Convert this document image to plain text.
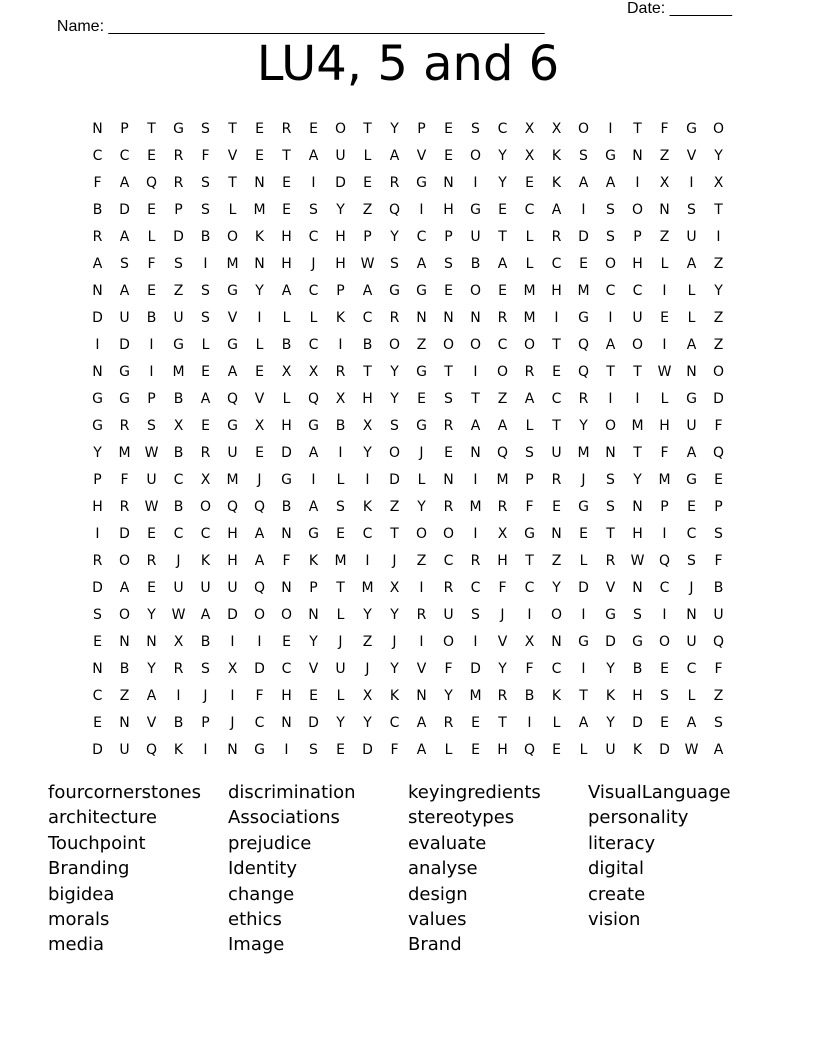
Name: _________________________________________________

Date: _______

LU4, 5 and 6
N	P	T	G	S	T	E	R	E	O	T	Y	P	E	S	C	X	X	O	I	T	F	G	O
C	C	E	R	F	V	E	T	A	U	L	A	V	E	O	Y	X	K	S	G	N	Z	V	Y
F	A	Q	R	S	T	N	E	I	D	E	R	G	N	I	Y	E	K	A	A	I	X	I	X
B	D	E	P	S	L	M	E	S	Y	Z	Q	I	H	G	E	C	A	I	S	O	N	S	T
R	A	L	D	B	O	K	H	C	H	P	Y	C	P	U	T	L	R	D	S	P	Z	U	I
A	S	F	S	I	M	N	H	J	H	W	S	A	S	B	A	L	C	E	O	H	L	A	Z
N	A	E	Z	S	G	Y	A	C	P	A	G	G	E	O	E	M	H	M	C	C	I	L	Y
D	U	B	U	S	V	I	L	L	K	C	R	N	N	N	R	M	I	G	I	U	E	L	Z
I	D	I	G	L	G	L	B	C	I	B	O	Z	O	O	C	O	T	Q	A	O	I	A	Z
N	G	I	M	E	A	E	X	X	R	T	Y	G	T	I	O	R	E	Q	T	T	W	N	O
G	G	P	B	A	Q	V	L	Q	X	H	Y	E	S	T	Z	A	C	R	I	I	L	G	D
G	R	S	X	E	G	X	H	G	B	X	S	G	R	A	A	L	T	Y	O	M	H	U	F
Y	M	W	B	R	U	E	D	A	I	Y	O	J	E	N	Q	S	U	M	N	T	F	A	Q
P	F	U	C	X	M	J	G	I	L	I	D	L	N	I	M	P	R	J	S	Y	M	G	E
H	R	W	B	O	Q	Q	B	A	S	K	Z	Y	R	M	R	F	E	G	S	N	P	E	P
I	D	E	C	C	H	A	N	G	E	C	T	O	O	I	X	G	N	E	T	H	I	C	S
R	O	R	J	K	H	A	F	K	M	I	J	Z	C	R	H	T	Z	L	R	W	Q	S	F
D	A	E	U	U	U	Q	N	P	T	M	X	I	R	C	F	C	Y	D	V	N	C	J	B
S	O	Y	W	A	D	O	O	N	L	Y	Y	R	U	S	J	I	O	I	G	S	I	N	U
E	N	N	X	B	I	I	E	Y	J	Z	J	I	O	I	V	X	N	G	D	G	O	U	Q
N	B	Y	R	S	X	D	C	V	U	J	Y	V	F	D	Y	F	C	I	Y	B	E	C	F
C	Z	A	I	J	I	F	H	E	L	X	K	N	Y	M	R	B	K	T	K	H	S	L	Z
E	N	V	B	P	J	C	N	D	Y	Y	C	A	R	E	T	I	L	A	Y	D	E	A	S
D	U	Q	K	I	N	G	I	S	E	D	F	A	L	E	H	Q	E	L	U	K	D	W	A
fourcornerstones
architecture
Touchpoint
Branding
bigidea
morals
media
discrimination
Associations
prejudice
Identity
change
ethics
Image
keyingredients
stereotypes
evaluate
analyse
design
values
Brand
VisualLanguage
personality
literacy
digital
create
vision
